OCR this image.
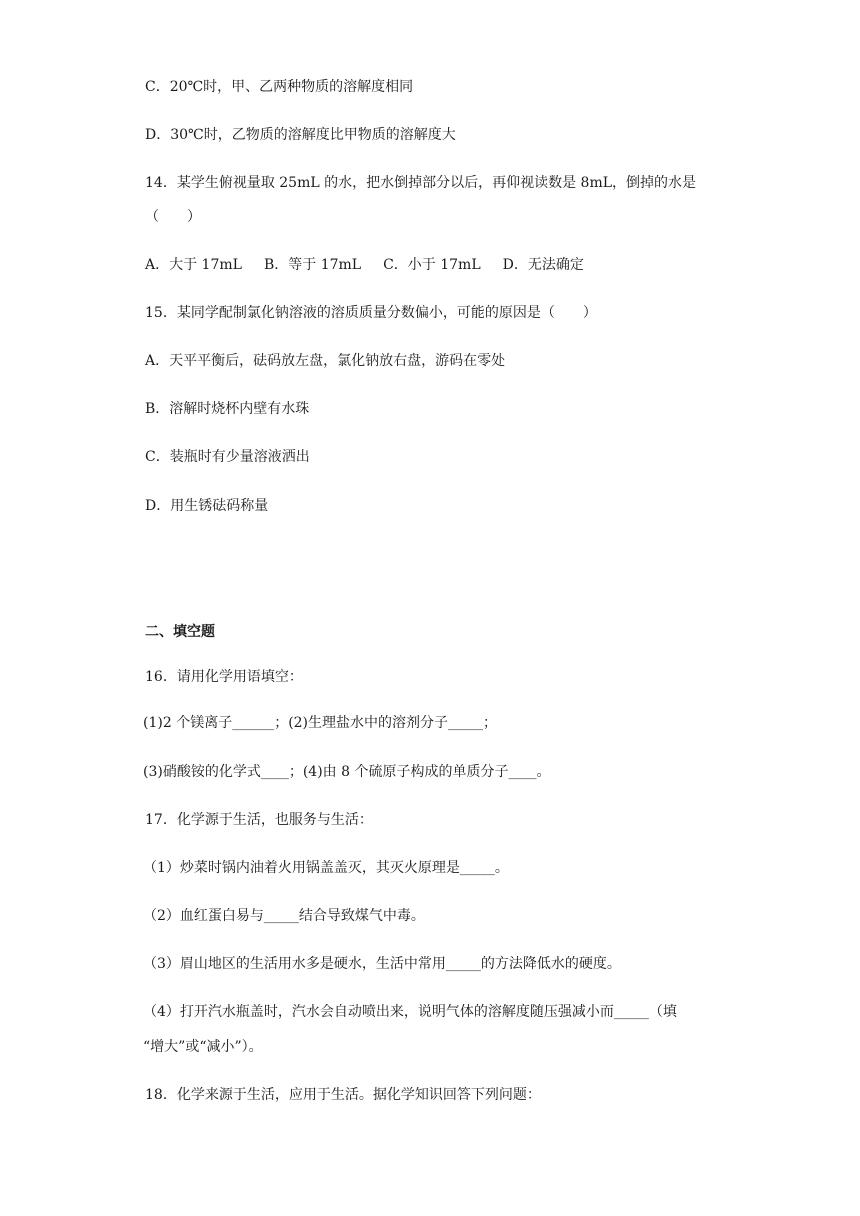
C．20℃时，甲、乙两种物质的溶解度相同
D．30℃时，乙物质的溶解度比甲物质的溶解度大
14．某学生俯视量取 25mL 的水，把水倒掉部分以后，再仰视读数是 8mL，倒掉的水是
（　　）
A．大于 17mL B．等于 17mL C．小于 17mL D．无法确定
15．某同学配制氯化钠溶液的溶质质量分数偏小，可能的原因是（　　）
A．天平平衡后，砝码放左盘，氯化钠放右盘，游码在零处
B．溶解时烧杯内壁有水珠
C．装瓶时有少量溶液洒出
D．用生锈砝码称量
二、填空题
16．请用化学用语填空：
(1)2 个镁离子______；(2)生理盐水中的溶剂分子_____；
(3)硝酸铵的化学式____；(4)由 8 个硫原子构成的单质分子____。
17．化学源于生活，也服务与生活：
（1）炒菜时锅内油着火用锅盖盖灭，其灭火原理是_____。
（2）血红蛋白易与_____结合导致煤气中毒。
（3）眉山地区的生活用水多是硬水，生活中常用_____的方法降低水的硬度。
（4）打开汽水瓶盖时，汽水会自动喷出来，说明气体的溶解度随压强减小而_____（填
“增大”或“减小”）。
18．化学来源于生活，应用于生活。据化学知识回答下列问题：
